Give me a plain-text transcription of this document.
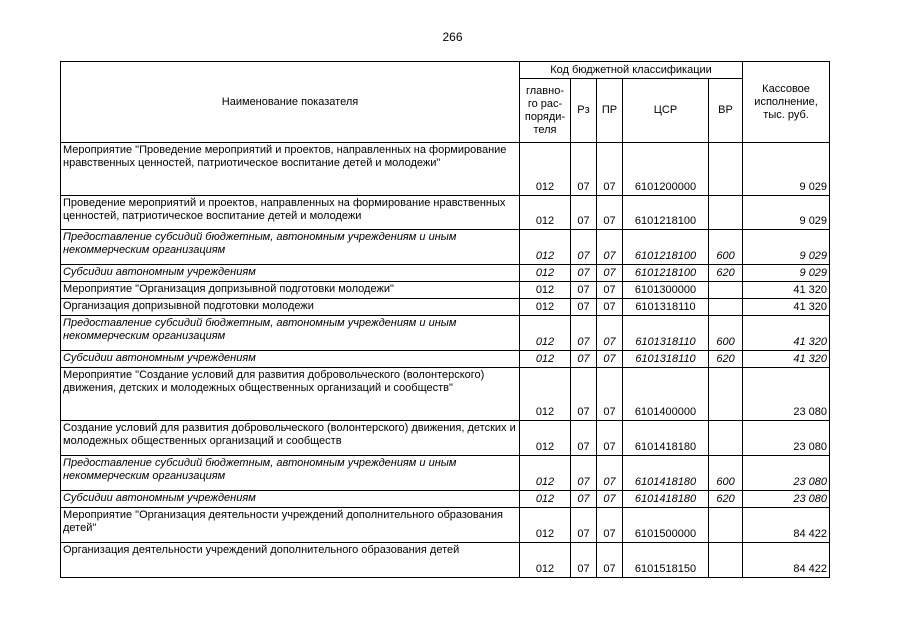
266
Наименование показателя	Код бюджетной классификации					Кассовое исполнение, тыс. руб.
	главно-го рас-поряди-теля	Рз	ПР	ЦСР	ВР	
Мероприятие "Проведение мероприятий и проектов, направленных на формирование нравственных ценностей, патриотическое воспитание детей и молодежи"	012	07	07	6101200000		9 029
Проведение мероприятий и проектов, направленных на формирование нравственных ценностей, патриотическое воспитание детей и молодежи	012	07	07	6101218100		9 029
Предоставление субсидий бюджетным, автономным учреждениям и иным некоммерческим организациям	012	07	07	6101218100	600	9 029
Субсидии автономным учреждениям	012	07	07	6101218100	620	9 029
Мероприятие "Организация допризывной подготовки молодежи"	012	07	07	6101300000		41 320
Организация допризывной подготовки молодежи	012	07	07	6101318110		41 320
Предоставление субсидий бюджетным, автономным учреждениям и иным некоммерческим организациям	012	07	07	6101318110	600	41 320
Субсидии автономным учреждениям	012	07	07	6101318110	620	41 320
Мероприятие "Создание условий для развития добровольческого (волонтерского) движения, детских и молодежных общественных организаций и сообществ"	012	07	07	6101400000		23 080
Создание условий для развития добровольческого (волонтерского) движения, детских и молодежных общественных организаций и сообществ	012	07	07	6101418180		23 080
Предоставление субсидий бюджетным, автономным учреждениям и иным некоммерческим организациям	012	07	07	6101418180	600	23 080
Субсидии автономным учреждениям	012	07	07	6101418180	620	23 080
Мероприятие "Организация деятельности учреждений дополнительного образования детей"	012	07	07	6101500000		84 422
Организация деятельности учреждений дополнительного образования детей	012	07	07	6101518150		84 422
